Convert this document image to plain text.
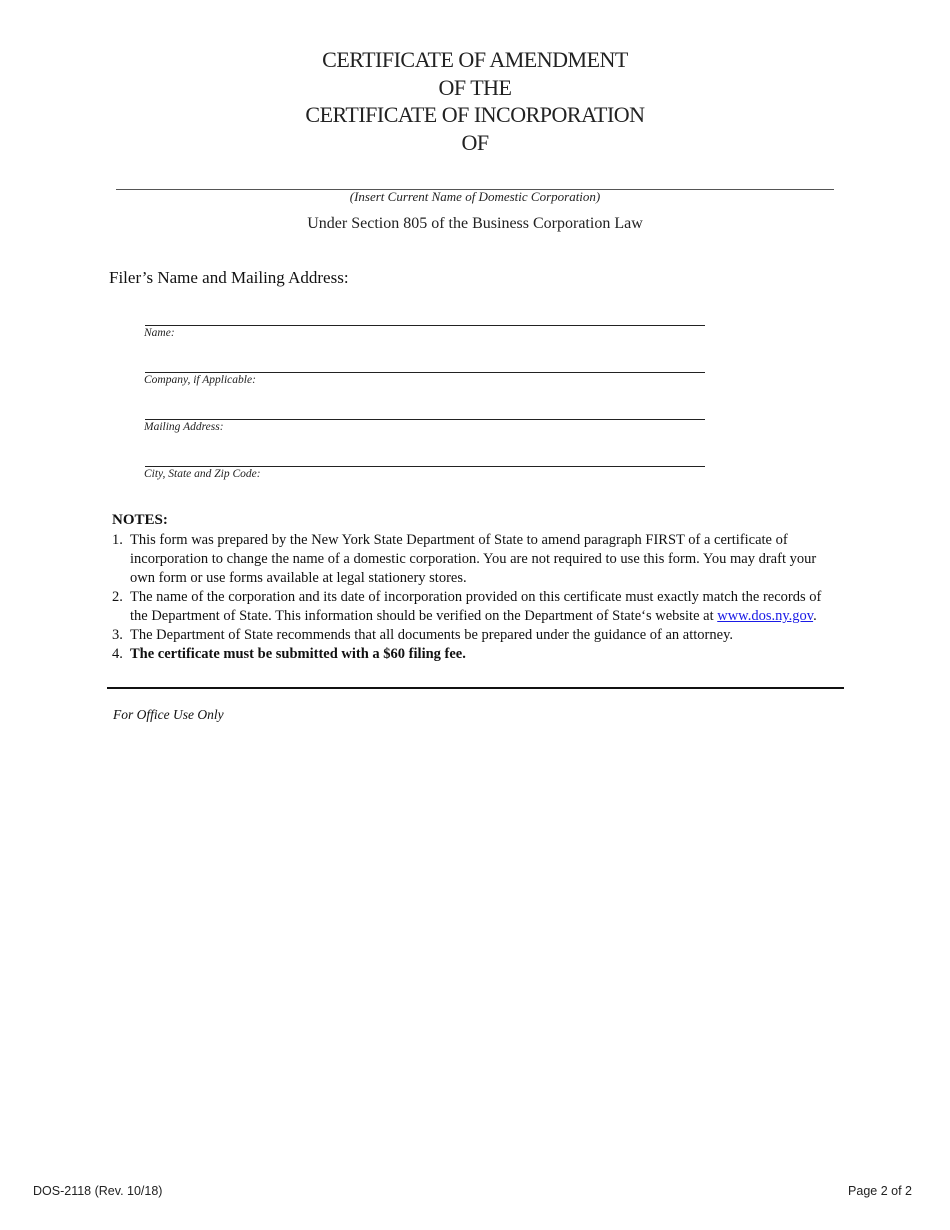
CERTIFICATE OF AMENDMENT
OF THE
CERTIFICATE OF INCORPORATION
OF
(Insert Current Name of Domestic Corporation)
Under Section 805 of the Business Corporation Law
Filer’s Name and Mailing Address:
Name:
Company, if Applicable:
Mailing Address:
City, State and Zip Code:
NOTES:
1. This form was prepared by the New York State Department of State to amend paragraph FIRST of a certificate of incorporation to change the name of a domestic corporation. You are not required to use this form. You may draft your own form or use forms available at legal stationery stores.
2. The name of the corporation and its date of incorporation provided on this certificate must exactly match the records of the Department of State. This information should be verified on the Department of State‘s website at www.dos.ny.gov.
3. The Department of State recommends that all documents be prepared under the guidance of an attorney.
4. The certificate must be submitted with a $60 filing fee.
For Office Use Only
DOS-2118 (Rev. 10/18)	Page 2 of 2
